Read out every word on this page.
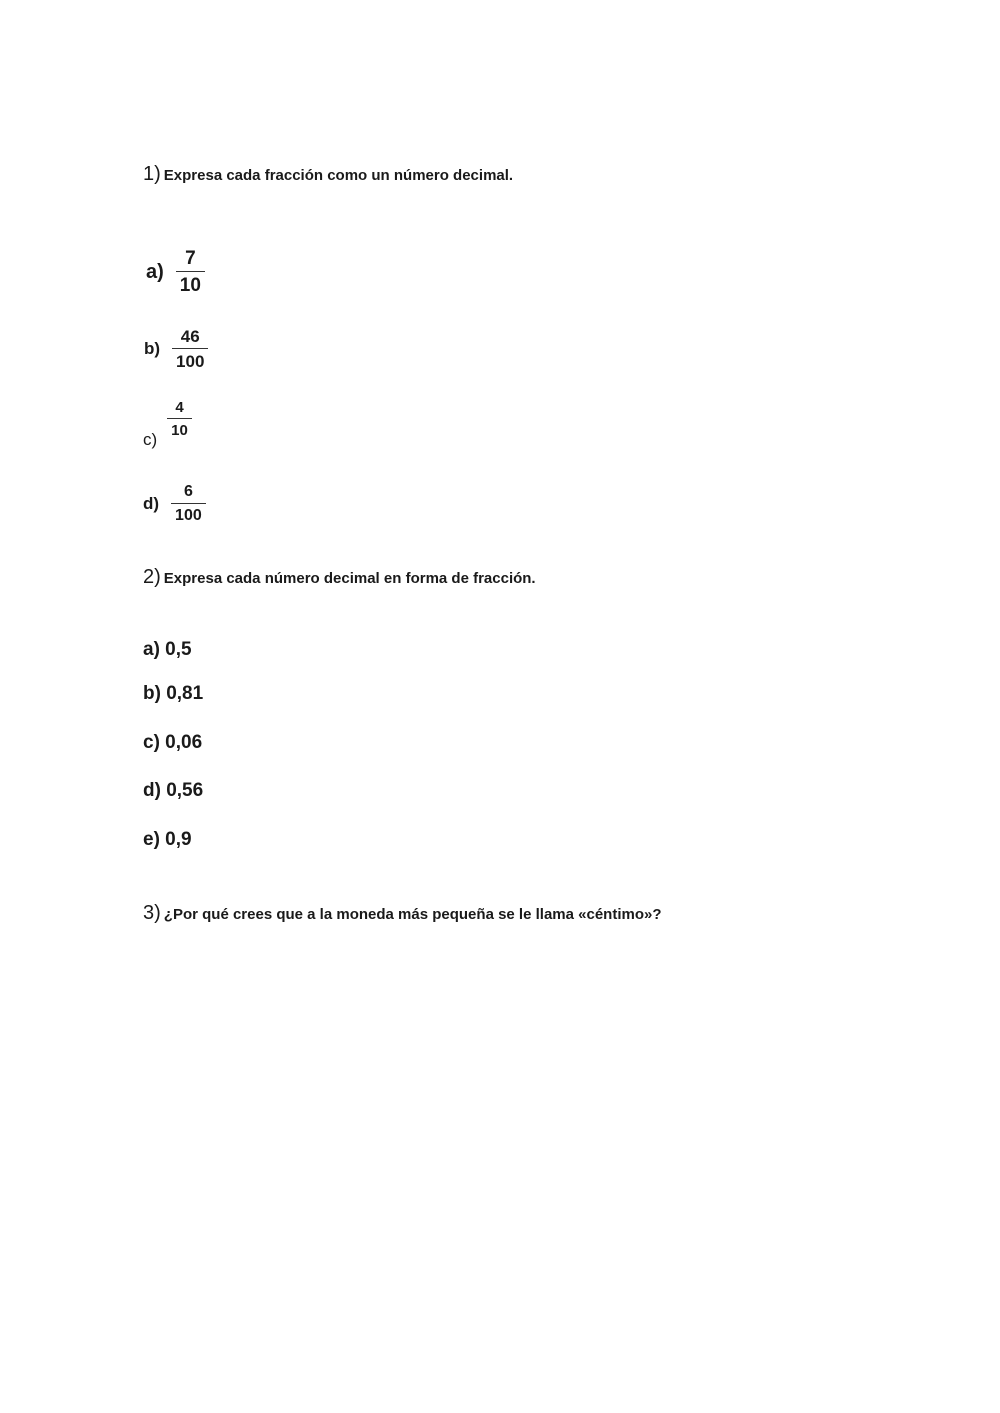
1) Expresa cada fracción como un número decimal.
$a) \frac{7}{10}$
$b) \frac{46}{100}$
c)
$\frac{4}{10}$
$d) \frac{6}{100}$
2) Expresa cada número decimal en forma de fracción.
a) 0,5
b) 0,81
c) 0,06
d) 0,56
e) 0,9
3) ¿Por qué crees que a la moneda más pequeña se le llama «céntimo»?
